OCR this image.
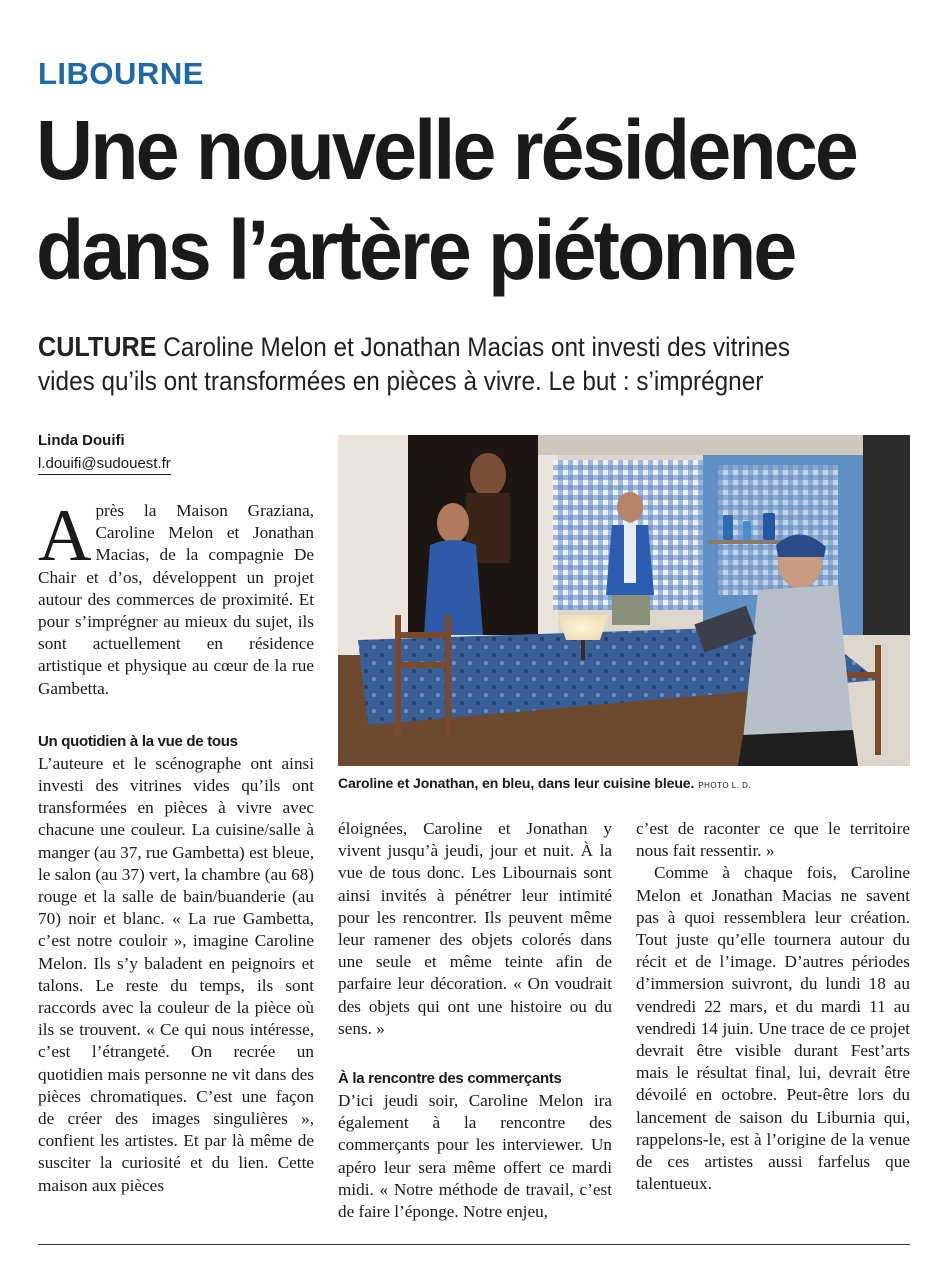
LIBOURNE
Une nouvelle résidence
dans l’artère piétonne
CULTURE Caroline Melon et Jonathan Macias ont investi des vitrines
vides qu’ils ont transformées en pièces à vivre. Le but : s’imprégner
Linda Douifi
l.douifi@sudouest.fr
Caroline et Jonathan, en bleu, dans leur cuisine bleue. PHOTO L. D.

Après la Maison Graziana, Caroline Melon et Jonathan Macias, de la compagnie De Chair et d’os, développent un projet autour des commerces de proximité. Et pour s’imprégner au mieux du sujet, ils sont actuellement en résidence artistique et physique au cœur de la rue Gambetta.

Un quotidien à la vue de tous

L’auteure et le scénographe ont ainsi investi des vitrines vides qu’ils ont transformées en pièces à vivre avec chacune une couleur. La cuisine/salle à manger (au 37, rue Gambetta) est bleue, le salon (au 37) vert, la chambre (au 68) rouge et la salle de bain/buanderie (au 70) noir et blanc. « La rue Gambetta, c’est notre couloir », imagine Caroline Melon. Ils s’y baladent en peignoirs et talons. Le reste du temps, ils sont raccords avec la couleur de la pièce où ils se trouvent. « Ce qui nous intéresse, c’est l’étrangeté. On recrée un quotidien mais personne ne vit dans des pièces chromatiques. C’est une façon de créer des images singulières », confient les artistes. Et par là même de susciter la curiosité et du lien. Cette maison aux pièces

éloignées, Caroline et Jonathan y vivent jusqu’à jeudi, jour et nuit. À la vue de tous donc. Les Libournais sont ainsi invités à pénétrer leur intimité pour les rencontrer. Ils peuvent même leur ramener des objets colorés dans une seule et même teinte afin de parfaire leur décoration. « On voudrait des objets qui ont une histoire ou du sens. »

À la rencontre des commerçants

D’ici jeudi soir, Caroline Melon ira également à la rencontre des commerçants pour les interviewer. Un apéro leur sera même offert ce mardi midi. « Notre méthode de travail, c’est de faire l’éponge. Notre enjeu,

c’est de raconter ce que le territoire nous fait ressentir. »

Comme à chaque fois, Caroline Melon et Jonathan Macias ne savent pas à quoi ressemblera leur création. Tout juste qu’elle tournera autour du récit et de l’image. D’autres périodes d’immersion suivront, du lundi 18 au vendredi 22 mars, et du mardi 11 au vendredi 14 juin. Une trace de ce projet devrait être visible durant Fest’arts mais le résultat final, lui, devrait être dévoilé en octobre. Peut-être lors du lancement de saison du Liburnia qui, rappelons-le, est à l’origine de la venue de ces artistes aussi farfelus que talentueux.
